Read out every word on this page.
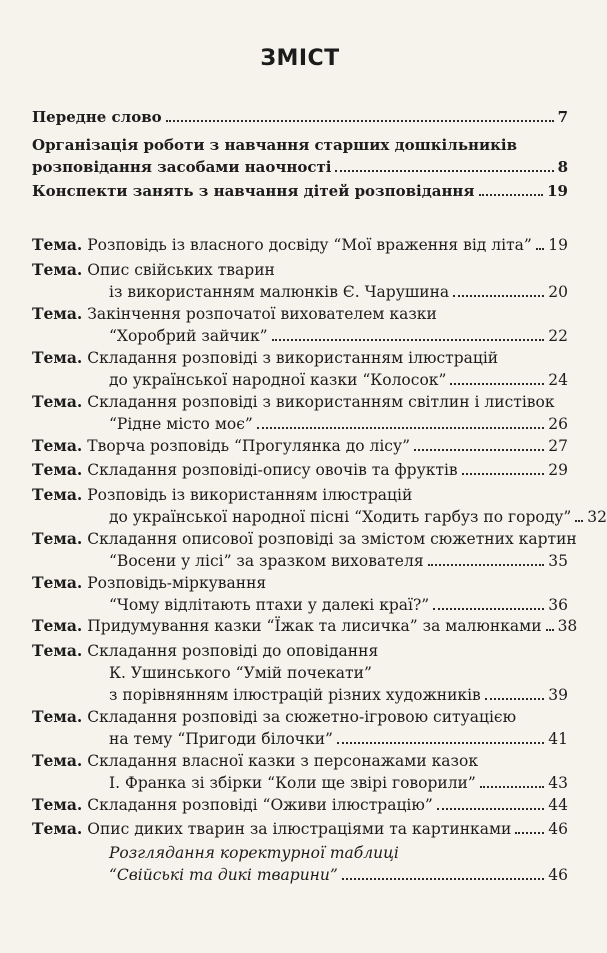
ЗМІСТ
Передне слово	7
Організація роботи з навчання старших дошкільників
розповідання засобами наочності	8
Конспекти занять з навчання дітей розповідання	19
Тема. Розповідь із власного досвіду “Мої враження від літа” 19
Тема. Опис свійських тварин
із використанням малюнків Є. Чарушина	20
Тема. Закінчення розпочатої вихователем казки
“Хоробрий зайчик”	22
Тема. Складання розповіді з використанням ілюстрацій
до української народної казки “Колосок”	24
Тема. Складання розповіді з використанням світлин і листівок
“Рідне місто моє”	26
Тема. Творча розповідь “Прогулянка до лісу”	27
Тема. Складання розповіді-опису овочів та фруктів	29
Тема. Розповідь із використанням ілюстрацій
до української народної пісні “Ходить гарбуз по городу” 32
Тема. Складання описової розповіді за змістом сюжетних картин
“Восени у лісі” за зразком вихователя	35
Тема. Розповідь-міркування
“Чому відлітають птахи у далекі краї?”	36
Тема. Придумування казки “Їжак та лисичка” за малюнками 38
Тема. Складання розповіді до оповідання
К. Ушинського “Умій почекати”
з порівнянням ілюстрацій різних художників	39
Тема. Складання розповіді за сюжетно-ігровою ситуацією
на тему “Пригоди білочки”	41
Тема. Складання власної казки з персонажами казок
І. Франка зі збірки “Коли ще звірі говорили”	43
Тема. Складання розповіді “Оживи ілюстрацію”	44
Тема. Опис диких тварин за ілюстраціями та картинками 46
Розглядання коректурної таблиці
“Свійські та дикі тварини”	46
